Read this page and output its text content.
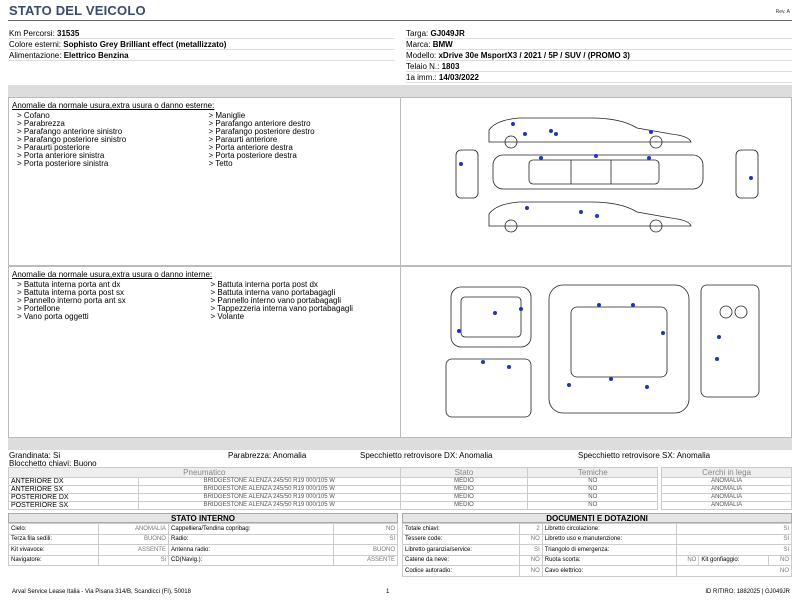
STATO DEL VEICOLO	Rev. A
Km Percorsi: 31535
Colore esterni: Sophisto Grey Brilliant effect (metallizzato)
Alimentazione: Elettrico Benzina
Targa: GJ049JR
Marca: BMW
Modello: xDrive 30e MsportX3 / 2021 / 5P / SUV / (PROMO 3)
Telaio N.: 1803
1a imm.: 14/03/2022
Anomalie da normale usura,extra usura o danno esterne:
> Cofano
> Parabrezza
> Parafango anteriore sinistro
> Parafango posteriore sinistro
> Paraurti posteriore
> Porta anteriore sinistra
> Porta posteriore sinistra
> Maniglie
> Parafango anteriore destro
> Parafango posteriore destro
> Paraurti anteriore
> Porta anteriore destra
> Porta posteriore destra
> Tetto
Anomalie da normale usura,extra usura o danno interne:
> Battuta interna porta ant dx
> Battuta interna porta post sx
> Pannello interno porta ant sx
> Portellone
> Vano porta oggetti
> Battuta interna porta post dx
> Battuta interna vano portabagagli
> Pannello interno vano portabagagli
> Tappezzeria interna vano portabagagli
> Volante
Grandinata: Si	Parabrezza: Anomalia	Specchietto retrovisore DX: Anomalia	Specchietto retrovisore SX: Anomalia
Blocchetto chiavi: Buono
Pneumatico		Stato	Temiche		Cerchi in lega
ANTERIORE DX	BRIDGESTONE ALENZA 245/50 R19 000/105 W	MEDIO	NO		ANOMALIA
ANTERIORE SX	BRIDGESTONE ALENZA 245/50 R19 000/105 W	MEDIO	NO		ANOMALIA
POSTERIORE DX	BRIDGESTONE ALENZA 245/50 R19 000/105 W	MEDIO	NO		ANOMALIA
POSTERIORE SX	BRIDGESTONE ALENZA 245/50 R19 000/105 W	MEDIO	NO		ANOMALIA
STATO INTERNO
Cielo:	ANOMALIA	Cappelliera/Tendina copribag:	NO
Terza fila sedili:	BUONO	Radio:	SI
Kit vivavoce:	ASSENTE	Antenna radio:	BUONO
Navigatore:	Si	CD(Navig.):	ASSENTE
DOCUMENTI E DOTAZIONI
Totale chiavi:	2	Libretto circolazione:	SI		
Tessere code:	NO	Libretto uso e manutenzione:	SI		
Libretto garanzia/service:	SI	Triangolo di emergenza:	SI		
Catene da neve:	NO	Ruota scorta:	NO	Kit gonfiaggio:	NO
Codice autoradio:	NO	Cavo elettrico:	NO		
Arval Service Lease Italia - Via Pisana 314/B, Scandicci (FI), 50018	1	ID RITIRO: 1882025 | GJ049JR
